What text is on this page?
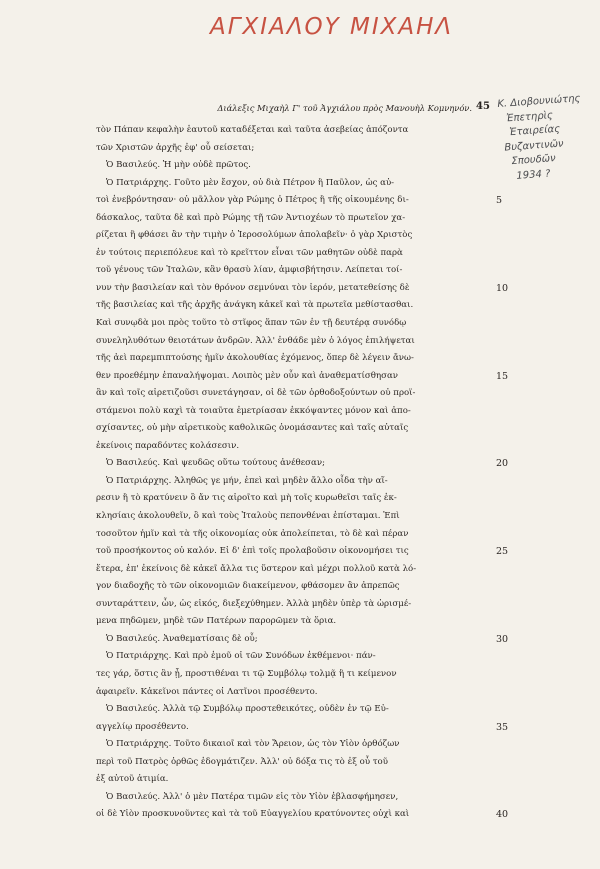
ΑΓΧΙΑΛΟΥ ΜΙΧΑΗΛ
Διάλεξις Μιχαὴλ Γ' τοῦ Ἀγχιάλου πρὸς Μανουὴλ Κομνηνόν. 45 Κ. Διοβουνιώτης
Ἐπετηρὶς
Ἑταιρείας
Βυζαντινῶν
Σπουδῶν
1934 ?
τὸν Πάπαν κεφαλὴν ἑαυτοῦ καταδέξεται καὶ ταῦτα ἀσεβείας ἀπόζοντα
τῶν Χριστῶν ἀρχῆς ἐφ' οὗ σείσεται;
Ὁ Βασιλεύς. Ἡ μὴν οὐδὲ πρῶτος.
Ὁ Πατριάρχης. Γοῦτο μὲν ἔσχον, οὐ διὰ Πέτρον ἢ Παῦλον, ὡς αὐ-
τοὶ ἐνεβρόντησαν· οὐ μᾶλλον γὰρ Ρώμης ὁ Πέτρος ἢ τῆς οἰκουμένης δι-	5
δάσκαλος, ταῦτα δὲ καὶ πρὸ Ρώμης τῇ τῶν Ἀντιοχέων τὸ πρωτεῖον χα-
ρίζεται ἢ φθάσει ἂν τὴν τιμὴν ὁ Ἱεροσολύμων ἀπολαβεῖν· ὁ γὰρ Χριστὸς
ἐν τούτοις περιεπόλευε καὶ τὸ κρεῖττον εἶναι τῶν μαθητῶν οὐδὲ παρὰ
τοῦ γένους τῶν Ἰταλῶν, κἂν θρασὺ λίαν, ἀμφισβήτησιν. Λείπεται τοί-
νυν τὴν βασιλείαν καὶ τὸν θρόνον σεμνύναι τὸν ἱερόν, μετατεθείσης δὲ	10
τῆς βασιλείας καὶ τῆς ἀρχῆς ἀνάγκη κἀκεῖ καὶ τὰ πρωτεῖα μεθίστασθαι.
Καὶ συνῳδὰ μοι πρὸς τοῦτο τὸ στῖφος ἅπαν τῶν ἐν τῇ δευτέρᾳ συνόδῳ
συνεληλυθότων θειοτάτων ἀνδρῶν. Ἀλλ' ἐνθάδε μὲν ὁ λόγος ἐπιλήψεται
τῆς ἀεὶ παρεμπιπτούσης ἡμῖν ἀκολουθίας ἐχόμενος, ὅπερ δὲ λέγειν ἄνω-
θεν προεθέμην ἐπαναλήψομαι. Λοιπὸς μὲν οὖν καὶ ἀναθεματίσθησαν	15
ἂν καὶ τοῖς αἱρετιζοῦσι συνετάγησαν, οἱ δὲ τῶν ὀρθοδοξούντων οὐ προϊ-
στάμενοι πολὺ καχὶ τὰ τοιαῦτα ἐμετρίασαν ἐκκόψαντες μόνον καὶ ἀπο-
σχίσαντες, οὐ μὴν αἱρετικοὺς καθολικῶς ὀνομάσαντες καὶ ταῖς αὐταῖς
ἐκείνοις παραδόντες κολάσεσιν.
Ὁ Βασιλεύς. Καὶ ψευδῶς οὕτω τούτους ἀνέθεσαν;	20
Ὁ Πατριάρχης. Ἀληθῶς γε μήν, ἐπεὶ καὶ μηδὲν ἄλλο οἶδα τὴν αἵ-
ρεσιν ἢ τὸ κρατύνειν ὃ ἄν τις αἱροῖτο καὶ μὴ τοῖς κυρωθεῖσι ταῖς ἐκ-
κλησίαις ἀκολουθεῖν, ὃ καὶ τοὺς Ἰταλοὺς πεπονθέναι ἐπίσταμαι. Ἐπὶ
τοσοῦτον ἡμῖν καὶ τὰ τῆς οἰκονομίας οὐκ ἀπολείπεται, τὸ δὲ καὶ πέραν
τοῦ προσήκοντος οὐ καλόν. Εἰ δ' ἐπὶ τοῖς προλαβοῦσιν οἰκονομήσει τις	25
ἕτερα, ἐπ' ἐκείνοις δὲ κἀκεῖ ἄλλα τις ὕστερον καὶ μέχρι πολλοῦ κατὰ λό-
γον διαδοχῆς τὸ τῶν οἰκονομιῶν διακείμενον, φθάσομεν ἂν ἀπρεπῶς
συνταράττειν, ὧν, ὡς εἰκός, διεξεχύθημεν. Ἀλλὰ μηδὲν ὑπὲρ τὰ ὡρισμέ-
μενα πηδῶμεν, μηδὲ τῶν Πατέρων παρορῶμεν τὰ ὅρια.
Ὁ Βασιλεύς. Ἀναθεματίσαις δὲ οὗ;	30
Ὁ Πατριάρχης. Καὶ πρὸ ἐμοῦ οἱ τῶν Συνόδων ἐκθέμενοι· πάν-
τες γάρ, ὅστις ἂν ᾖ, προστιθέναι τι τῷ Συμβόλῳ τολμᾷ ἢ τι κείμενον
ἀφαιρεῖν. Κἀκεῖνοι πάντες οἱ Λατῖνοι προσέθεντο.
Ὁ Βασιλεύς. Ἀλλὰ τῷ Συμβόλῳ προστεθεικότες, οὐδὲν ἐν τῷ Εὐ-
αγγελίῳ προσέθεντο.	35
Ὁ Πατριάρχης. Τοῦτο δικαιοῖ καὶ τὸν Ἄρειον, ὡς τὸν Υἱὸν ὀρθόζων
περὶ τοῦ Πατρὸς ὀρθῶς ἐδογμάτιζεν. Ἀλλ' οὐ δόξα τις τὸ ἐξ οὗ τοῦ
ἐξ αὐτοῦ ἀτιμία.
Ὁ Βασιλεύς. Ἀλλ' ὁ μὲν Πατέρα τιμῶν εἰς τὸν Υἱὸν ἐβλασφήμησεν,
οἱ δὲ Υἱὸν προσκυνοῦντες καὶ τὰ τοῦ Εὐαγγελίου κρατύνοντες οὐχὶ καὶ	40
